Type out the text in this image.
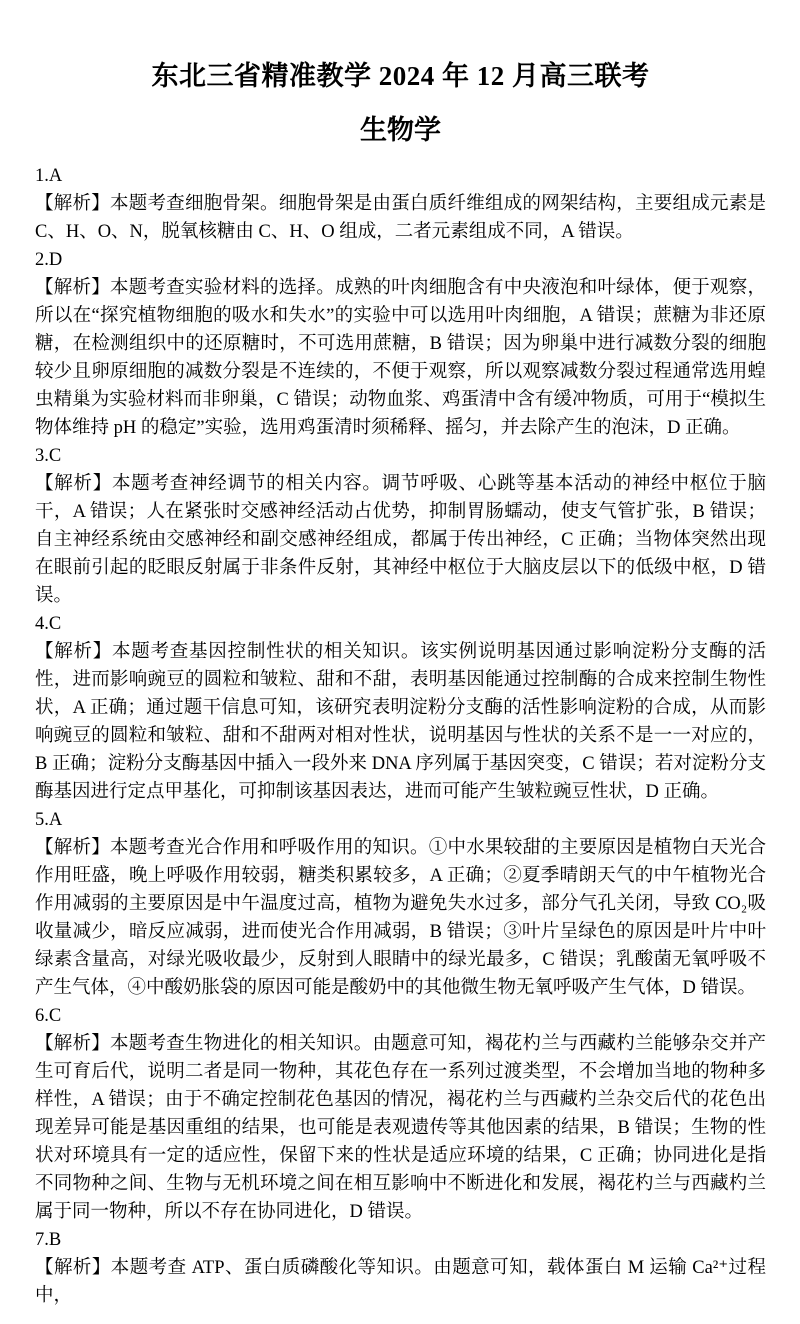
东北三省精准教学 2024 年 12 月高三联考
生物学
1.A

【解析】本题考查细胞骨架。细胞骨架是由蛋白质纤维组成的网架结构，主要组成元素是 C、H、O、N，脱氧核糖由 C、H、O 组成，二者元素组成不同，A 错误。

2.D

【解析】本题考查实验材料的选择。成熟的叶肉细胞含有中央液泡和叶绿体，便于观察，所以在“探究植物细胞的吸水和失水”的实验中可以选用叶肉细胞，A 错误；蔗糖为非还原糖，在检测组织中的还原糖时，不可选用蔗糖，B 错误；因为卵巢中进行减数分裂的细胞较少且卵原细胞的减数分裂是不连续的，不便于观察，所以观察减数分裂过程通常选用蝗虫精巢为实验材料而非卵巢，C 错误；动物血浆、鸡蛋清中含有缓冲物质，可用于“模拟生物体维持 pH 的稳定”实验，选用鸡蛋清时须稀释、摇匀，并去除产生的泡沫，D 正确。

3.C

【解析】本题考查神经调节的相关内容。调节呼吸、心跳等基本活动的神经中枢位于脑干，A 错误；人在紧张时交感神经活动占优势，抑制胃肠蠕动，使支气管扩张，B 错误；自主神经系统由交感神经和副交感神经组成，都属于传出神经，C 正确；当物体突然出现在眼前引起的眨眼反射属于非条件反射，其神经中枢位于大脑皮层以下的低级中枢，D 错误。

4.C

【解析】本题考查基因控制性状的相关知识。该实例说明基因通过影响淀粉分支酶的活性，进而影响豌豆的圆粒和皱粒、甜和不甜，表明基因能通过控制酶的合成来控制生物性状，A 正确；通过题干信息可知，该研究表明淀粉分支酶的活性影响淀粉的合成，从而影响豌豆的圆粒和皱粒、甜和不甜两对相对性状，说明基因与性状的关系不是一一对应的，B 正确；淀粉分支酶基因中插入一段外来 DNA 序列属于基因突变，C 错误；若对淀粉分支酶基因进行定点甲基化，可抑制该基因表达，进而可能产生皱粒豌豆性状，D 正确。

5.A

【解析】本题考查光合作用和呼吸作用的知识。①中水果较甜的主要原因是植物白天光合作用旺盛，晚上呼吸作用较弱，糖类积累较多，A 正确；②夏季晴朗天气的中午植物光合作用减弱的主要原因是中午温度过高，植物为避免失水过多，部分气孔关闭，导致 CO₂吸收量减少，暗反应减弱，进而使光合作用减弱，B 错误；③叶片呈绿色的原因是叶片中叶绿素含量高，对绿光吸收最少，反射到人眼睛中的绿光最多，C 错误；乳酸菌无氧呼吸不产生气体，④中酸奶胀袋的原因可能是酸奶中的其他微生物无氧呼吸产生气体，D 错误。

6.C

【解析】本题考查生物进化的相关知识。由题意可知，褐花杓兰与西藏杓兰能够杂交并产生可育后代，说明二者是同一物种，其花色存在一系列过渡类型，不会增加当地的物种多样性，A 错误；由于不确定控制花色基因的情况，褐花杓兰与西藏杓兰杂交后代的花色出现差异可能是基因重组的结果，也可能是表观遗传等其他因素的结果，B 错误；生物的性状对环境具有一定的适应性，保留下来的性状是适应环境的结果，C 正确；协同进化是指不同物种之间、生物与无机环境之间在相互影响中不断进化和发展，褐花杓兰与西藏杓兰属于同一物种，所以不存在协同进化，D 错误。

7.B

【解析】本题考查 ATP、蛋白质磷酸化等知识。由题意可知，载体蛋白 M 运输 Ca²⁺过程中，
